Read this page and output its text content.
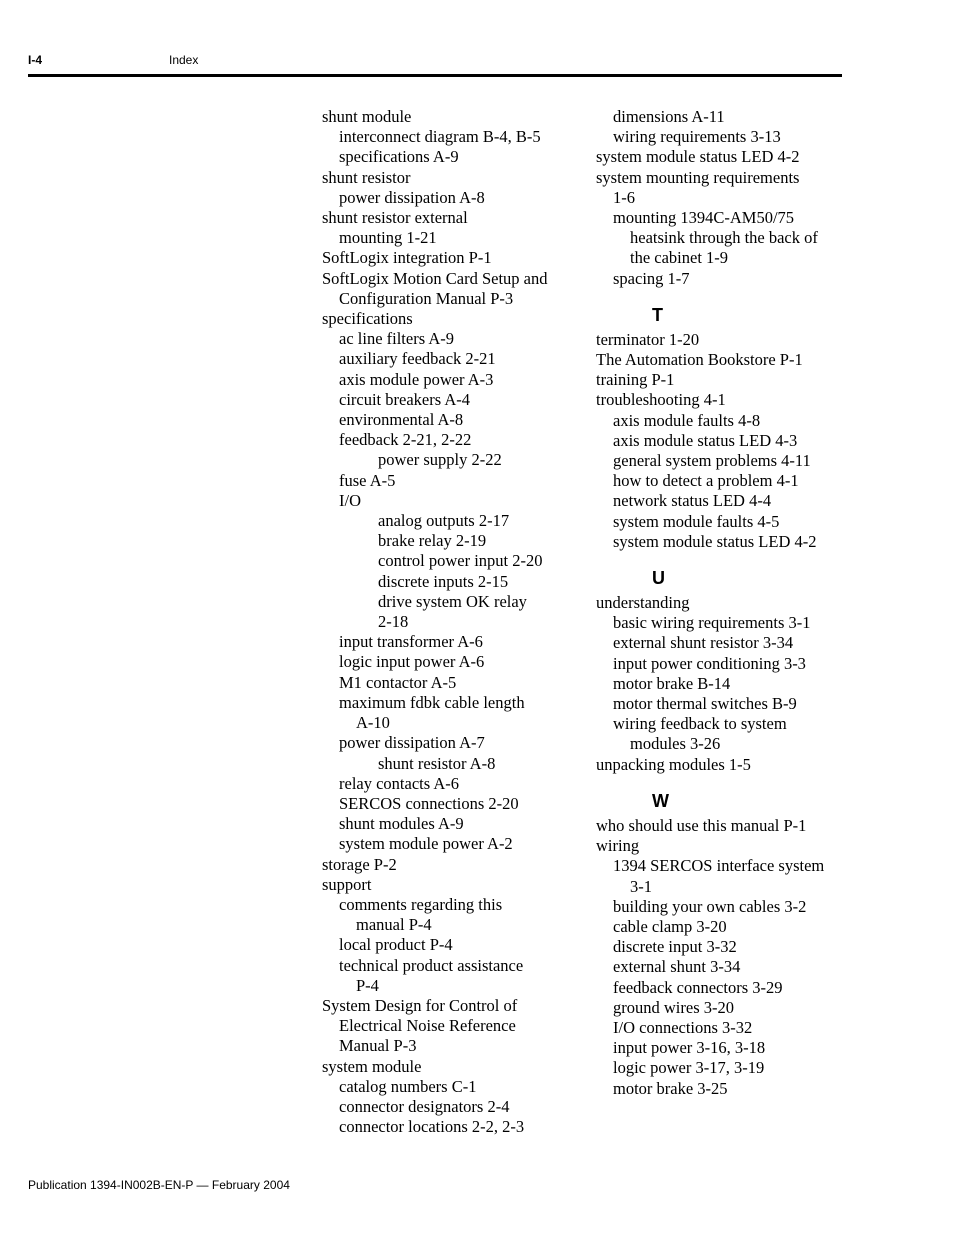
I-4	Index
shunt module
interconnect diagram B-4, B-5
specifications A-9
shunt resistor
power dissipation A-8
shunt resistor external
mounting 1-21
SoftLogix integration P-1
SoftLogix Motion Card Setup and
Configuration Manual P-3
specifications
ac line filters A-9
auxiliary feedback 2-21
axis module power A-3
circuit breakers A-4
environmental A-8
feedback 2-21, 2-22
power supply 2-22
fuse A-5
I/O
analog outputs 2-17
brake relay 2-19
control power input 2-20
discrete inputs 2-15
drive system OK relay
2-18
input transformer A-6
logic input power A-6
M1 contactor A-5
maximum fdbk cable length
A-10
power dissipation A-7
shunt resistor A-8
relay contacts A-6
SERCOS connections 2-20
shunt modules A-9
system module power A-2
storage P-2
support
comments regarding this
manual P-4
local product P-4
technical product assistance
P-4
System Design for Control of
Electrical Noise Reference
Manual P-3
system module
catalog numbers C-1
connector designators 2-4
connector locations 2-2, 2-3
dimensions A-11
wiring requirements 3-13
system module status LED 4-2
system mounting requirements
1-6
mounting 1394C-AM50/75
heatsink through the back of
the cabinet 1-9
spacing 1-7
T
terminator 1-20
The Automation Bookstore P-1
training P-1
troubleshooting 4-1
axis module faults 4-8
axis module status LED 4-3
general system problems 4-11
how to detect a problem 4-1
network status LED 4-4
system module faults 4-5
system module status LED 4-2
U
understanding
basic wiring requirements 3-1
external shunt resistor 3-34
input power conditioning 3-3
motor brake B-14
motor thermal switches B-9
wiring feedback to system
modules 3-26
unpacking modules 1-5
W
who should use this manual P-1
wiring
1394 SERCOS interface system
3-1
building your own cables 3-2
cable clamp 3-20
discrete input 3-32
external shunt 3-34
feedback connectors 3-29
ground wires 3-20
I/O connections 3-32
input power 3-16, 3-18
logic power 3-17, 3-19
motor brake 3-25
Publication 1394-IN002B-EN-P — February 2004
